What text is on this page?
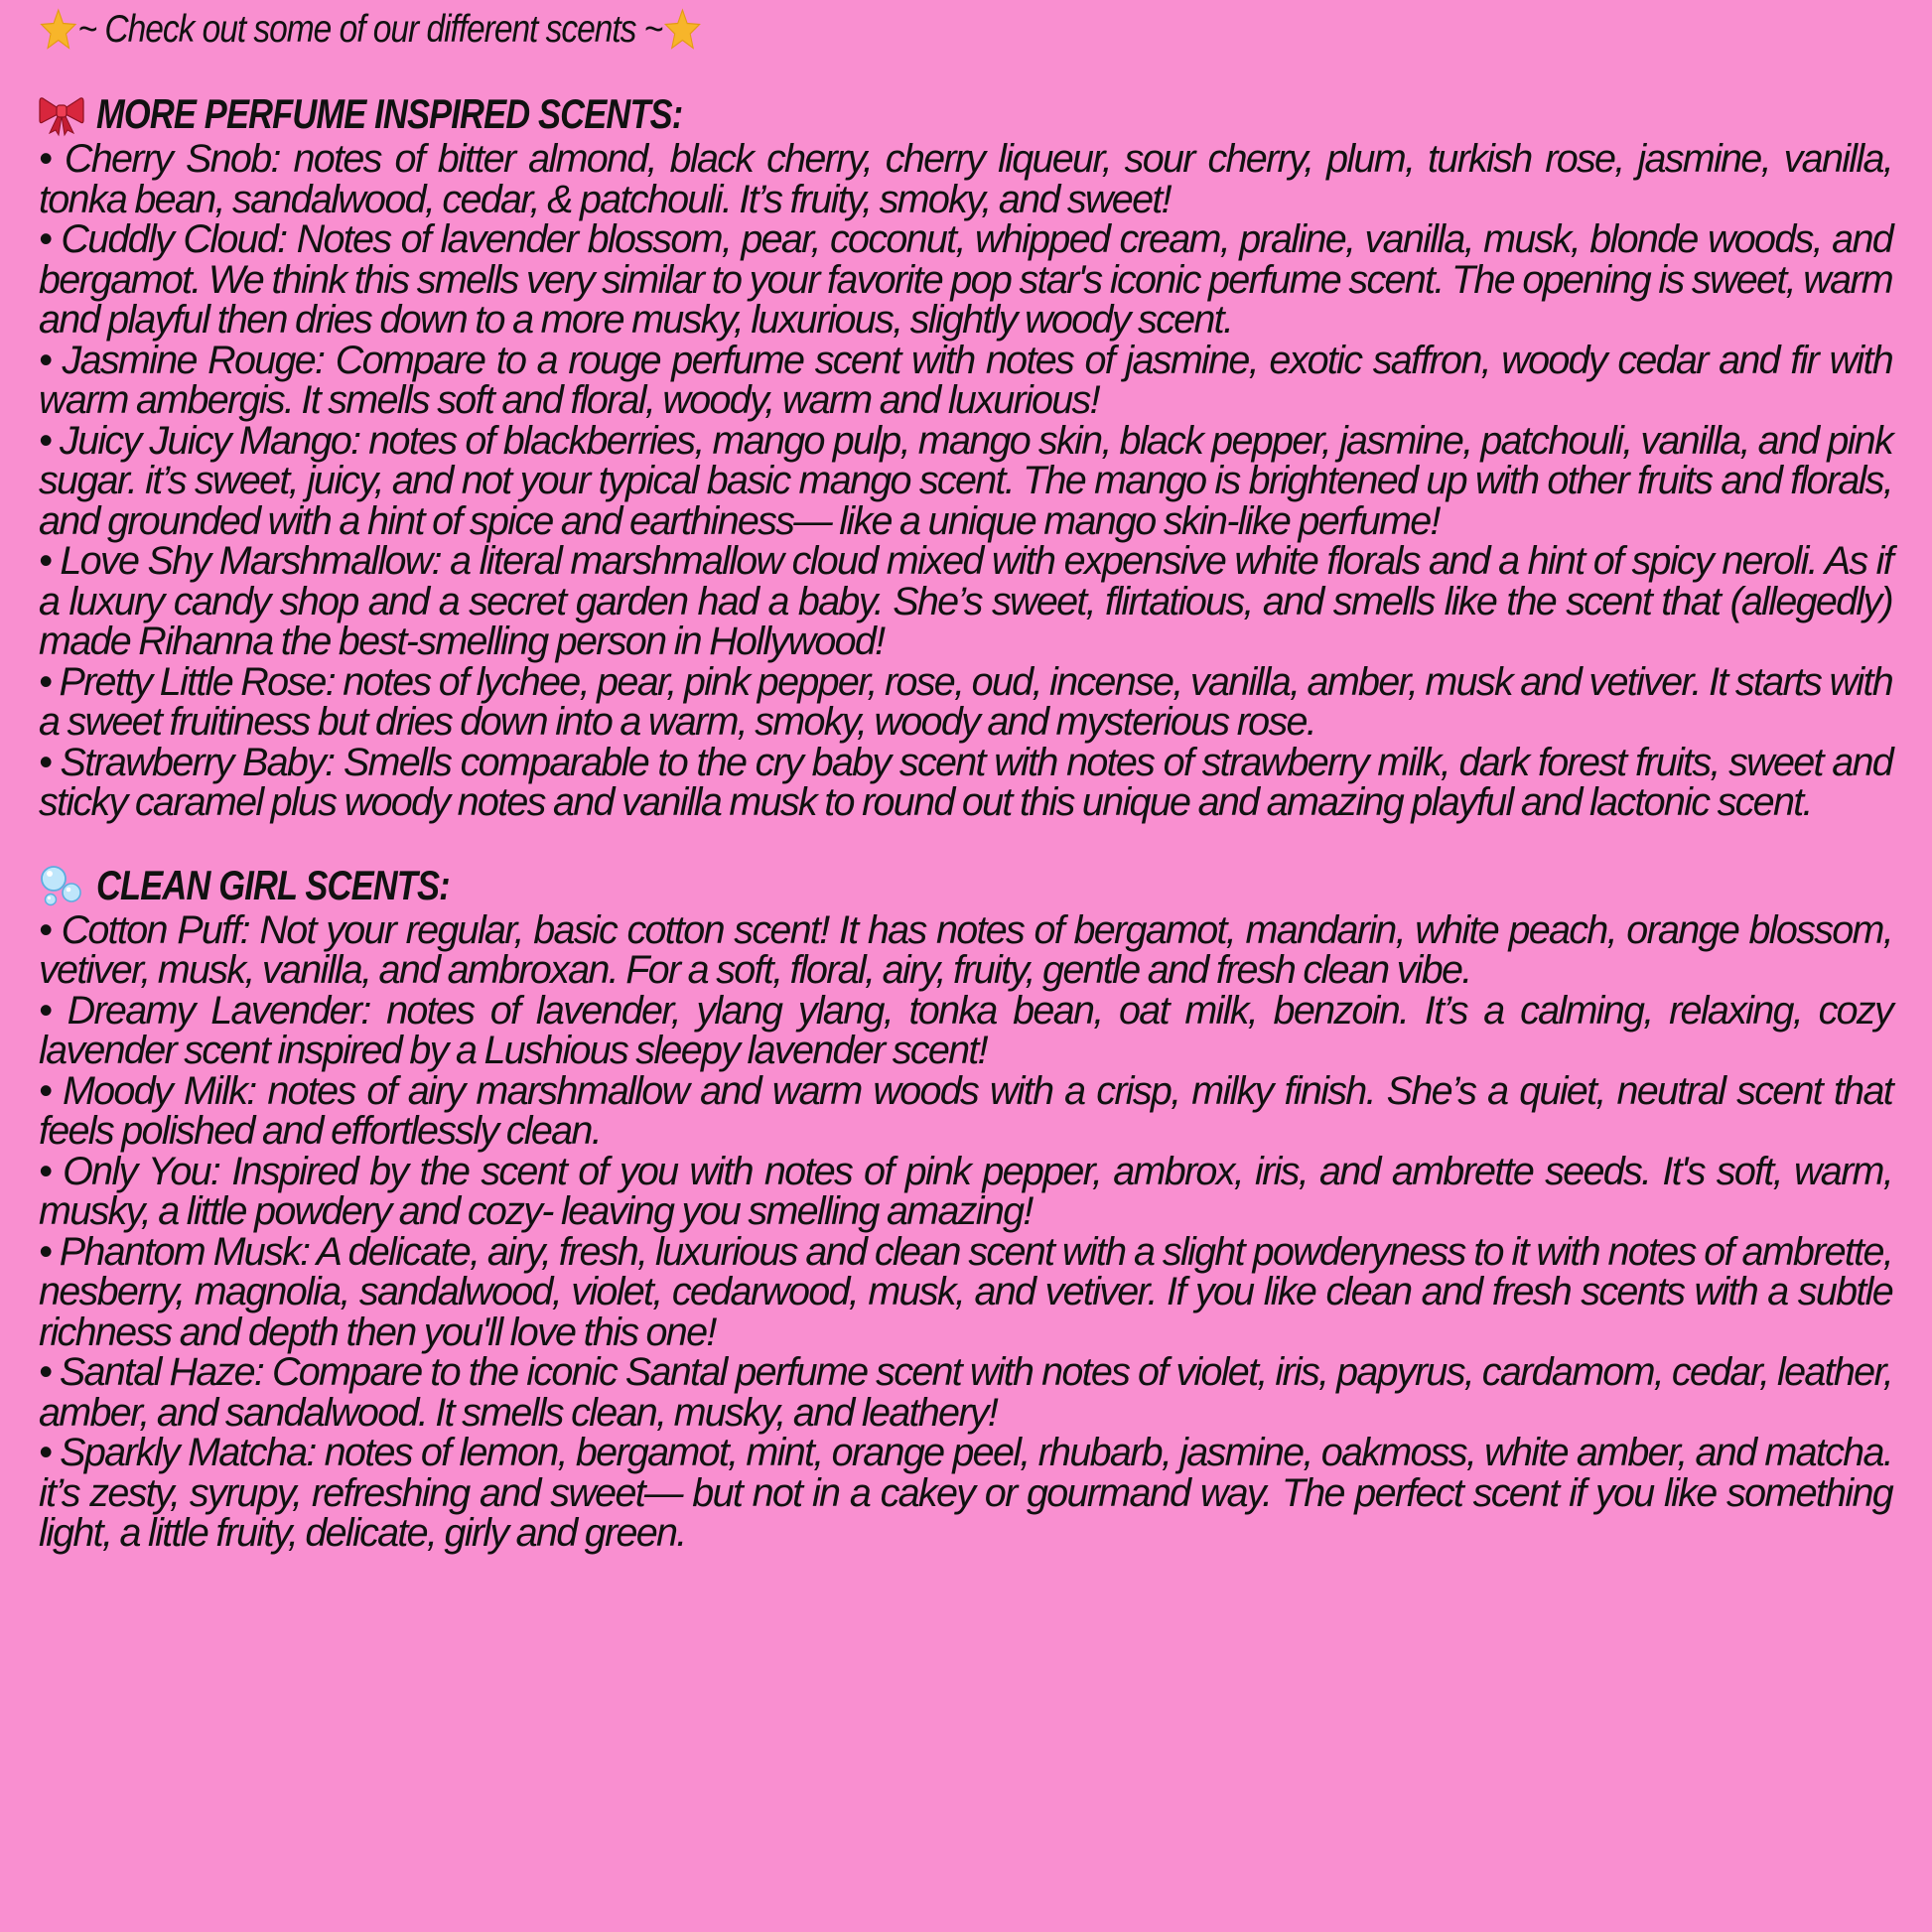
~ Check out some of our different scents ~
MORE PERFUME INSPIRED SCENTS:
• Cherry Snob: notes of bitter almond, black cherry, cherry liqueur, sour cherry, plum, turkish rose, jasmine, vanilla, tonka bean, sandalwood, cedar, & patchouli. It’s fruity, smoky, and sweet!
• Cuddly Cloud: Notes of lavender blossom, pear, coconut, whipped cream, praline, vanilla, musk, blonde woods, and bergamot. We think this smells very similar to your favorite pop star's iconic perfume scent. The opening is sweet, warm and playful then dries down to a more musky, luxurious, slightly woody scent.
• Jasmine Rouge: Compare to a rouge perfume scent with notes of jasmine, exotic saffron, woody cedar and fir with warm ambergis. It smells soft and floral, woody, warm and luxurious!
• Juicy Juicy Mango: notes of blackberries, mango pulp, mango skin, black pepper, jasmine, patchouli, vanilla, and pink sugar. it’s sweet, juicy, and not your typical basic mango scent. The mango is brightened up with other fruits and florals, and grounded with a hint of spice and earthiness— like a unique mango skin-like perfume!
• Love Shy Marshmallow: a literal marshmallow cloud mixed with expensive white florals and a hint of spicy neroli. As if a luxury candy shop and a secret garden had a baby. She’s sweet, flirtatious, and smells like the scent that (allegedly) made Rihanna the best-smelling person in Hollywood!
• Pretty Little Rose: notes of lychee, pear, pink pepper, rose, oud, incense, vanilla, amber, musk and vetiver. It starts with a sweet fruitiness but dries down into a warm, smoky, woody and mysterious rose.
• Strawberry Baby: Smells comparable to the cry baby scent with notes of strawberry milk, dark forest fruits, sweet and sticky caramel plus woody notes and vanilla musk to round out this unique and amazing playful and lactonic scent.
CLEAN GIRL SCENTS:
• Cotton Puff: Not your regular, basic cotton scent! It has notes of bergamot, mandarin, white peach, orange blossom, vetiver, musk, vanilla, and ambroxan. For a soft, floral, airy, fruity, gentle and fresh clean vibe.
• Dreamy Lavender: notes of lavender, ylang ylang, tonka bean, oat milk, benzoin. It’s a calming, relaxing, cozy lavender scent inspired by a Lushious sleepy lavender scent!
• Moody Milk: notes of airy marshmallow and warm woods with a crisp, milky finish. She’s a quiet, neutral scent that feels polished and effortlessly clean.
• Only You: Inspired by the scent of you with notes of pink pepper, ambrox, iris, and ambrette seeds. It's soft, warm, musky, a little powdery and cozy- leaving you smelling amazing!
• Phantom Musk: A delicate, airy, fresh, luxurious and clean scent with a slight powderyness to it with notes of ambrette, nesberry, magnolia, sandalwood, violet, cedarwood, musk, and vetiver. If you like clean and fresh scents with a subtle richness and depth then you'll love this one!
• Santal Haze: Compare to the iconic Santal perfume scent with notes of violet, iris, papyrus, cardamom, cedar, leather, amber, and sandalwood. It smells clean, musky, and leathery!
• Sparkly Matcha: notes of lemon, bergamot, mint, orange peel, rhubarb, jasmine, oakmoss, white amber, and matcha. it’s zesty, syrupy, refreshing and sweet— but not in a cakey or gourmand way. The perfect scent if you like something light, a little fruity, delicate, girly and green.
